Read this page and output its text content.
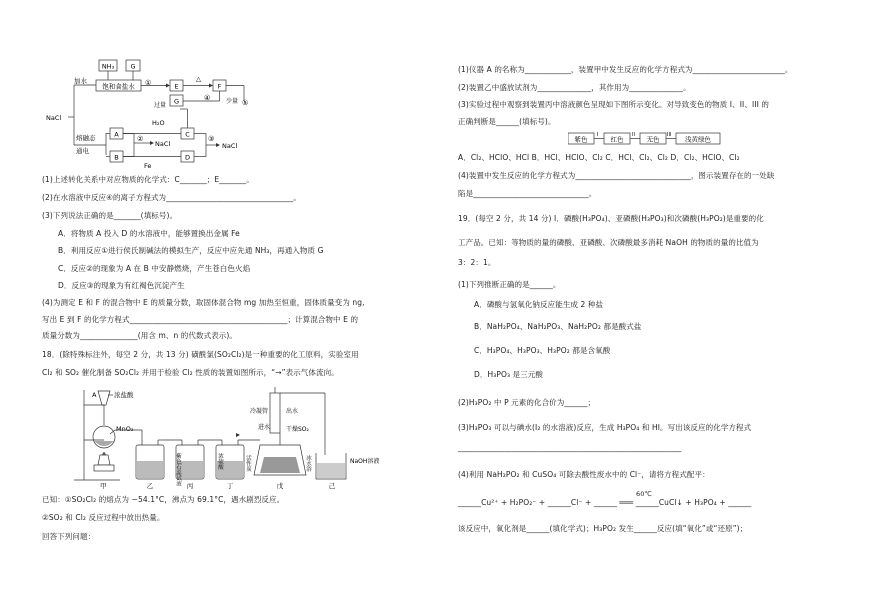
NH₃	G
饱和食盐水
加水	①	E
△
F
④	少量
G
过量
NaCl
熔融态
通电
A
B
②
NaCl
C
H₂O
D
Fe
③
NaCl
⑤
(1)上述转化关系中对应物质的化学式：C_______；E_______。
(2)在水溶液中反应④的离子方程式为_________________________________。
(3)下列说法正确的是_______(填标号)。
A．将物质 A 投入 D 的水溶液中，能够置换出金属 Fe
B．利用反应①进行侯氏制碱法的模拟生产，反应中应先通 NH₃，再通入物质 G
C．反应②的现象为 A 在 B 中安静燃烧，产生苍白色火焰
D．反应③的现象为有红褐色沉淀产生
(4)为测定 E 和 F 的混合物中 E 的质量分数，取固体混合物 mg 加热至恒重，固体质量变为 ng,
写出 E 到 F 的化学方程式_________________________________________；计算混合物中 E 的
质量分数为_______________(用含 m、n 的代数式表示)。
18．(除特殊标注外，每空 2 分，共 13 分) 磺酰氯(SO₂Cl₂)是一种重要的化工原料，实验室用
Cl₂ 和 SO₂ 催化制备 SO₂Cl₂ 并用于检验 Cl₂ 性质的装置如图所示，“→”表示气体流向。
A	浓盐酸
MnO₂
甲	乙	紫色石蕊试液 丙
浓硫酸
丁
冷凝管	出水
进水	干燥SO₂
活性炭	冰水浴
戊
NaOH溶液
己
已知：①SO₂Cl₂ 的熔点为 −54.1°C，沸点为 69.1°C，遇水剧烈反应。
②SO₂ 和 Cl₂ 反应过程中放出热量。
回答下列问题：
(1)仪器 A 的名称为____________，装置甲中发生反应的化学方程式为________________________。
(2)装置乙中盛放试剂为______________，其作用为______________。
(3)实验过程中观察到装置丙中溶液颜色呈现如下图所示变化。对导致变色的物质 I、II、III 的
正确判断是______(填标号)。
紫色
I
红色
II
无色
III
浅黄绿色
A．Cl₂、HClO、HCl B．HCl、HClO、Cl₂ C．HCl、Cl₂、Cl₂ D．Cl₂、HClO、Cl₂
(4)装置中发生反应的化学方程式为______________________________，图示装置存在的一处缺
陷是______________________________。
19．(每空 2 分，共 14 分) Ⅰ．磷酸(H₃PO₄)、亚磷酸(H₃PO₃)和次磷酸(H₃PO₂)是重要的化
工产品。已知：等物质的量的磷酸、亚磷酸、次磷酸最多消耗 NaOH 的物质的量的比值为
3：2：1。
(1)下列推断正确的是______。
A．磷酸与氢氧化钠反应能生成 2 种盐
B．NaH₂PO₄、NaH₂PO₃、NaH₂PO₂ 都是酸式盐
C．H₃PO₄、H₃PO₃、H₃PO₂ 都是含氧酸
D．H₃PO₃ 是三元酸
(2)H₃PO₂ 中 P 元素的化合价为______；
(3)H₃PO₃ 可以与碘水(I₂ 的水溶液)反应，生成 H₃PO₄ 和 HI。写出该反应的化学方程式
__________________________________________________________
(4)利用 NaH₂PO₂ 和 CuSO₄ 可除去酸性废水中的 Cl⁻，请将方程式配平：
60℃
______Cu²⁺ + H₂PO₂⁻ + ______Cl⁻ + ______ ═══ ______CuCl↓ + H₃PO₄ + ______
该反应中，氧化剂是______(填化学式)；H₃PO₂ 发生______反应(填“氧化”或“还原”)；
